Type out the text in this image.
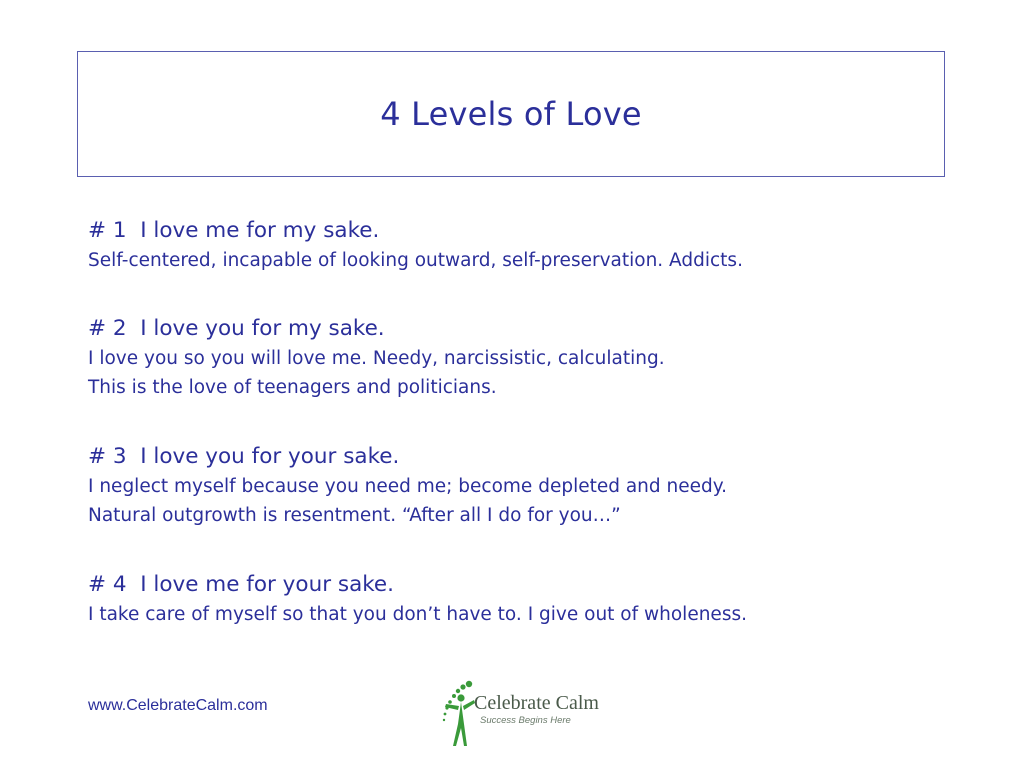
4 Levels of Love
# 1  I love me for my sake.
Self-centered, incapable of looking outward, self-preservation. Addicts.
# 2  I love you for my sake.
I love you so you will love me. Needy, narcissistic, calculating.
This is the love of teenagers and politicians.
# 3  I love you for your sake.
I neglect myself because you need me; become depleted and needy.
Natural outgrowth is resentment. “After all I do for you…”
# 4  I love me for your sake.
I take care of myself so that you don’t have to. I give out of wholeness.
www.CelebrateCalm.com	Celebrate Calm
Success Begins Here
